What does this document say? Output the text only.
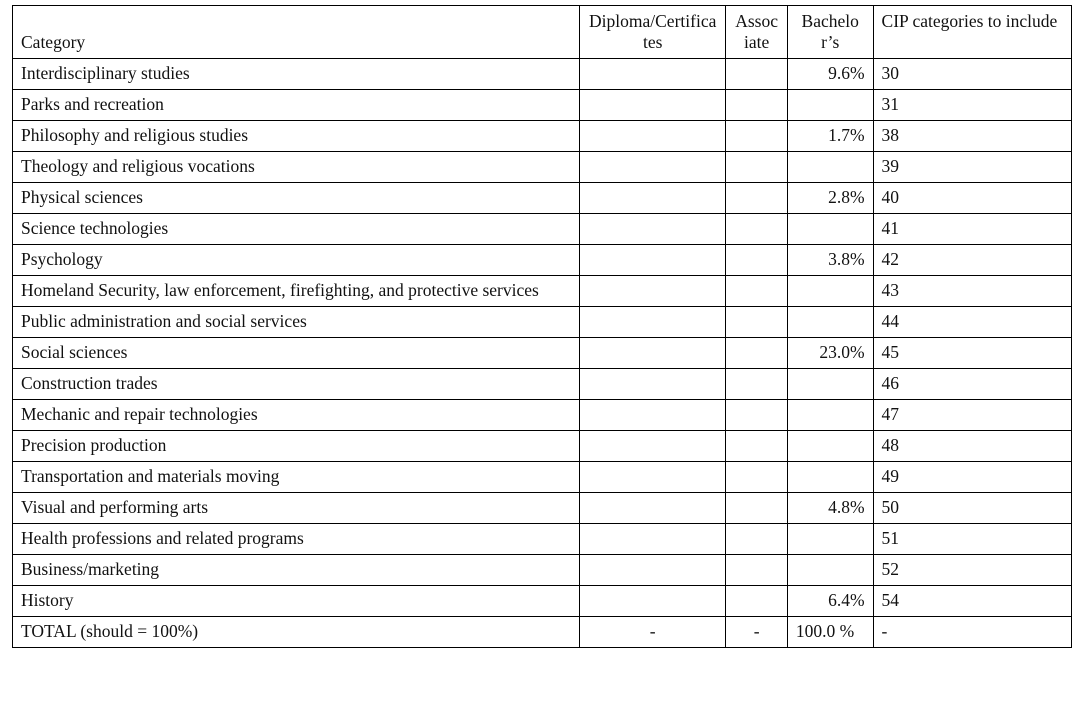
Category	Diploma/Certificates	Associate	Bachelor’s	CIP categories to include
Interdisciplinary studies			9.6%	30
Parks and recreation				31
Philosophy and religious studies			1.7%	38
Theology and religious vocations				39
Physical sciences			2.8%	40
Science technologies				41
Psychology			3.8%	42
Homeland Security, law enforcement, firefighting, and protective services				43
Public administration and social services				44
Social sciences			23.0%	45
Construction trades				46
Mechanic and repair technologies				47
Precision production				48
Transportation and materials moving				49
Visual and performing arts			4.8%	50
Health professions and related programs				51
Business/marketing				52
History			6.4%	54
TOTAL (should = 100%)	-	-	100.0 %	-
